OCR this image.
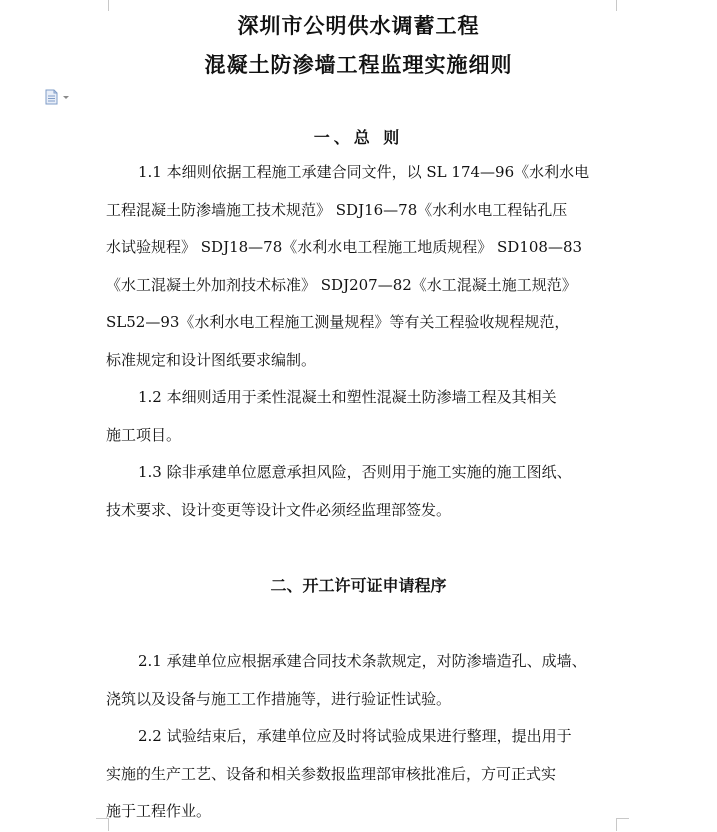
深圳市公明供水调蓄工程
混凝土防渗墙工程监理实施细则
一、总 则
1.1 本细则依据工程施工承建合同文件，以 SL 174—96《水利水电
工程混凝土防渗墙施工技术规范》 SDJ16—78《水利水电工程钻孔压
水试验规程》 SDJ18—78《水利水电工程施工地质规程》 SD108—83
《水工混凝土外加剂技术标准》 SDJ207—82《水工混凝土施工规范》
SL52—93《水利水电工程施工测量规程》等有关工程验收规程规范，
标准规定和设计图纸要求编制。
1.2 本细则适用于柔性混凝土和塑性混凝土防渗墙工程及其相关
施工项目。
1.3 除非承建单位愿意承担风险，否则用于施工实施的施工图纸、
技术要求、设计变更等设计文件必须经监理部签发。
二、开工许可证申请程序
2.1 承建单位应根据承建合同技术条款规定，对防渗墙造孔、成墙、
浇筑以及设备与施工工作措施等，进行验证性试验。
2.2 试验结束后，承建单位应及时将试验成果进行整理，提出用于
实施的生产工艺、设备和相关参数报监理部审核批准后，方可正式实
施于工程作业。
